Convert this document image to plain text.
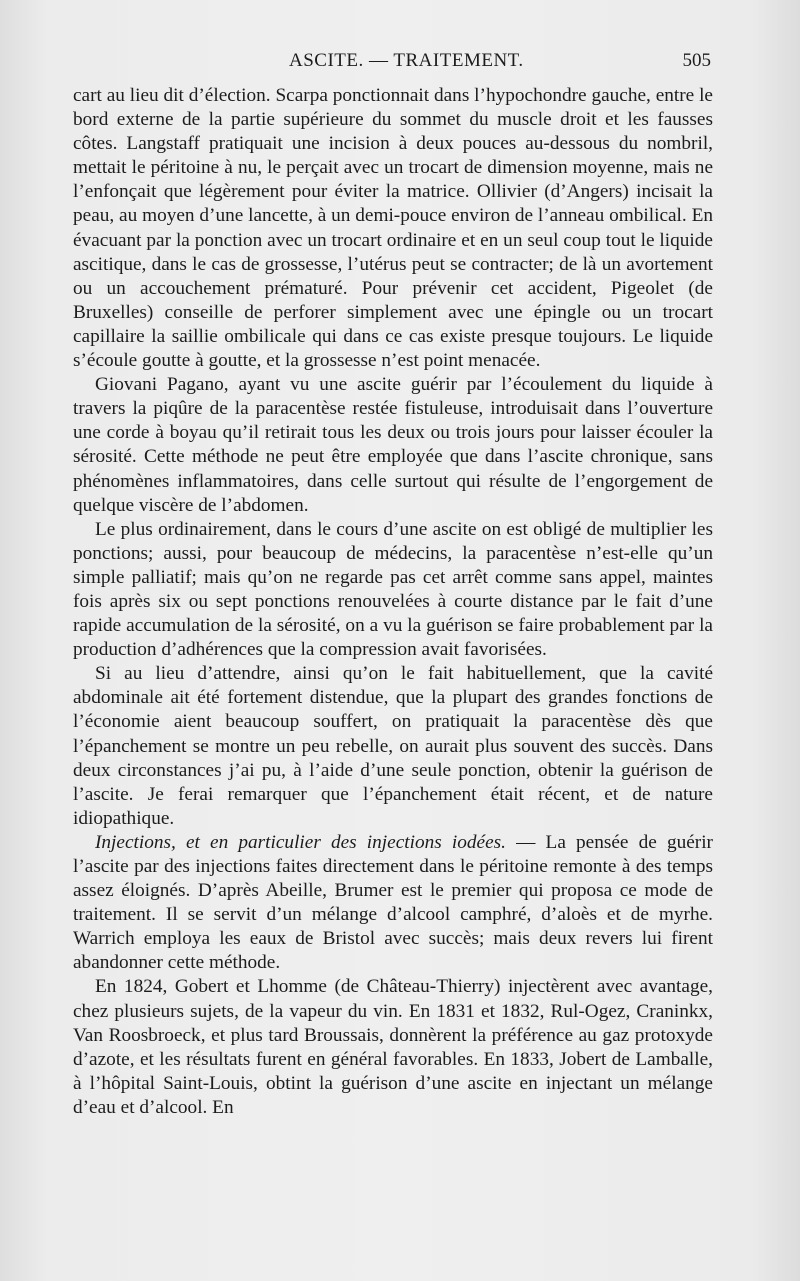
ASCITE. — TRAITEMENT.	505

cart au lieu dit d’élection. Scarpa ponctionnait dans l’hypochondre gauche, entre le bord externe de la partie supérieure du sommet du muscle droit et les fausses côtes. Langstaff pratiquait une incision à deux pouces au-dessous du nombril, mettait le péritoine à nu, le perçait avec un trocart de dimension moyenne, mais ne l’enfonçait que légèrement pour éviter la matrice. Ollivier (d’Angers) incisait la peau, au moyen d’une lancette, à un demi-pouce environ de l’anneau ombilical. En évacuant par la ponction avec un trocart ordinaire et en un seul coup tout le liquide ascitique, dans le cas de grossesse, l’utérus peut se contracter; de là un avortement ou un accouchement prématuré. Pour prévenir cet accident, Pigeolet (de Bruxelles) conseille de perforer simplement avec une épingle ou un trocart capillaire la saillie ombilicale qui dans ce cas existe presque toujours. Le liquide s’écoule goutte à goutte, et la grossesse n’est point menacée.

Giovani Pagano, ayant vu une ascite guérir par l’écoulement du liquide à travers la piqûre de la paracentèse restée fistuleuse, introduisait dans l’ouverture une corde à boyau qu’il retirait tous les deux ou trois jours pour laisser écouler la sérosité. Cette méthode ne peut être employée que dans l’ascite chronique, sans phénomènes inflammatoires, dans celle surtout qui résulte de l’engorgement de quelque viscère de l’abdomen.

Le plus ordinairement, dans le cours d’une ascite on est obligé de multiplier les ponctions; aussi, pour beaucoup de médecins, la paracentèse n’est-elle qu’un simple palliatif; mais qu’on ne regarde pas cet arrêt comme sans appel, maintes fois après six ou sept ponctions renouvelées à courte distance par le fait d’une rapide accumulation de la sérosité, on a vu la guérison se faire probablement par la production d’adhérences que la compression avait favorisées.

Si au lieu d’attendre, ainsi qu’on le fait habituellement, que la cavité abdominale ait été fortement distendue, que la plupart des grandes fonctions de l’économie aient beaucoup souffert, on pratiquait la paracentèse dès que l’épanchement se montre un peu rebelle, on aurait plus souvent des succès. Dans deux circonstances j’ai pu, à l’aide d’une seule ponction, obtenir la guérison de l’ascite. Je ferai remarquer que l’épanchement était récent, et de nature idiopathique.

Injections, et en particulier des injections iodées. — La pensée de guérir l’ascite par des injections faites directement dans le péritoine remonte à des temps assez éloignés. D’après Abeille, Brumer est le premier qui proposa ce mode de traitement. Il se servit d’un mélange d’alcool camphré, d’aloès et de myrhe. Warrich employa les eaux de Bristol avec succès; mais deux revers lui firent abandonner cette méthode.

En 1824, Gobert et Lhomme (de Château-Thierry) injectèrent avec avantage, chez plusieurs sujets, de la vapeur du vin. En 1831 et 1832, Rul-Ogez, Craninkx, Van Roosbroeck, et plus tard Broussais, donnèrent la préférence au gaz protoxyde d’azote, et les résultats furent en général favorables. En 1833, Jobert de Lamballe, à l’hôpital Saint-Louis, obtint la guérison d’une ascite en injectant un mélange d’eau et d’alcool. En
